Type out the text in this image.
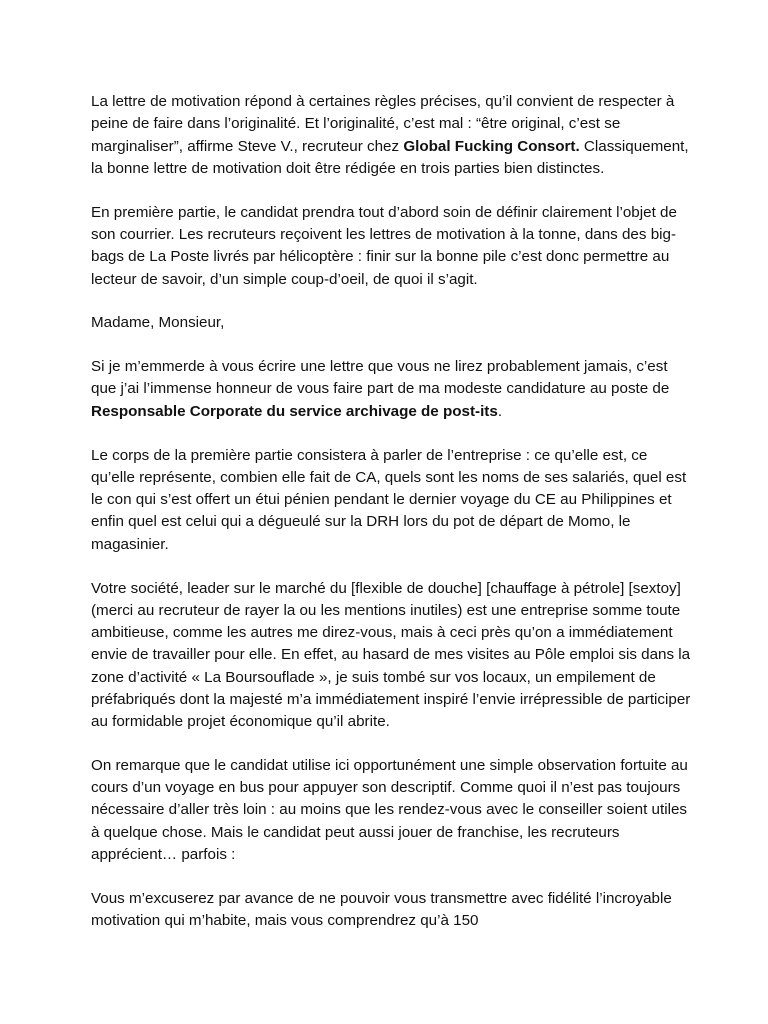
La lettre de motivation répond à certaines règles précises, qu’il convient de respecter à peine de faire dans l’originalité. Et l’originalité, c’est mal : “être original, c’est se marginaliser”, affirme Steve V., recruteur chez Global Fucking Consort. Classiquement, la bonne lettre de motivation doit être rédigée en trois parties bien distinctes.

En première partie, le candidat prendra tout d’abord soin de définir clairement l’objet de son courrier. Les recruteurs reçoivent les lettres de motivation à la tonne, dans des big-bags de La Poste livrés par hélicoptère : finir sur la bonne pile c’est donc permettre au lecteur de savoir, d’un simple coup-d’oeil, de quoi il s’agit.

Madame, Monsieur,

Si je m’emmerde à vous écrire une lettre que vous ne lirez probablement jamais, c’est que j’ai l’immense honneur de vous faire part de ma modeste candidature au poste de Responsable Corporate du service archivage de post-its.

Le corps de la première partie consistera à parler de l’entreprise : ce qu’elle est, ce qu’elle représente, combien elle fait de CA, quels sont les noms de ses salariés, quel est le con qui s’est offert un étui pénien pendant le dernier voyage du CE au Philippines et enfin quel est celui qui a dégueulé sur la DRH lors du pot de départ de Momo, le magasinier.

Votre société, leader sur le marché du [flexible de douche] [chauffage à pétrole] [sextoy] (merci au recruteur de rayer la ou les mentions inutiles) est une entreprise somme toute ambitieuse, comme les autres me direz-vous, mais à ceci près qu’on a immédiatement envie de travailler pour elle. En effet, au hasard de mes visites au Pôle emploi sis dans la zone d’activité « La Boursouflade », je suis tombé sur vos locaux, un empilement de préfabriqués dont la majesté m’a immédiatement inspiré l’envie irrépressible de participer au formidable projet économique qu’il abrite.

On remarque que le candidat utilise ici opportunément une simple observation fortuite au cours d’un voyage en bus pour appuyer son descriptif. Comme quoi il n’est pas toujours nécessaire d’aller très loin : au moins que les rendez-vous avec le conseiller soient utiles à quelque chose. Mais le candidat peut aussi jouer de franchise, les recruteurs apprécient… parfois :

Vous m’excuserez par avance de ne pouvoir vous transmettre avec fidélité l’incroyable motivation qui m’habite, mais vous comprendrez qu’à 150
